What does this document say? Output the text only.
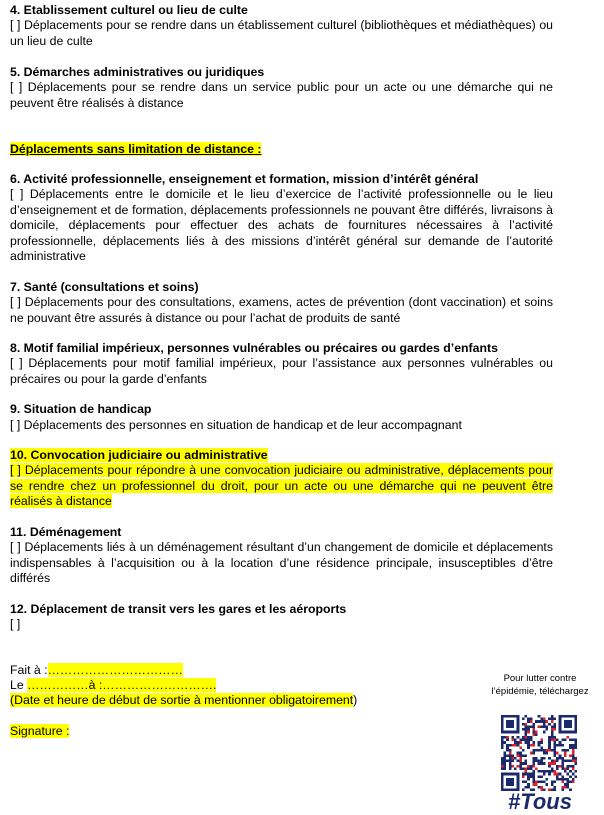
4. Etablissement culturel ou lieu de culte
[ ] Déplacements pour se rendre dans un établissement culturel (bibliothèques et médiathèques) ou un lieu de culte
5. Démarches administratives ou juridiques
[ ] Déplacements pour se rendre dans un service public pour un acte ou une démarche qui ne peuvent être réalisés à distance
Déplacements sans limitation de distance :
6. Activité professionnelle, enseignement et formation, mission d’intérêt général
[ ] Déplacements entre le domicile et le lieu d’exercice de l’activité professionnelle ou le lieu d’enseignement et de formation, déplacements professionnels ne pouvant être différés, livraisons à domicile, déplacements pour effectuer des achats de fournitures nécessaires à l’activité professionnelle, déplacements liés à des missions d’intérêt général sur demande de l’autorité administrative
7. Santé (consultations et soins)
[ ] Déplacements pour des consultations, examens, actes de prévention (dont vaccination) et soins ne pouvant être assurés à distance ou pour l’achat de produits de santé
8. Motif familial impérieux, personnes vulnérables ou précaires ou gardes d’enfants
[ ] Déplacements pour motif familial impérieux, pour l’assistance aux personnes vulnérables ou précaires ou pour la garde d’enfants
9. Situation de handicap
[ ] Déplacements des personnes en situation de handicap et de leur accompagnant
10. Convocation judiciaire ou administrative
[ ] Déplacements pour répondre à une convocation judiciaire ou administrative, déplacements pour se rendre chez un professionnel du droit, pour un acte ou une démarche qui ne peuvent être réalisés à distance
11. Déménagement
[ ] Déplacements liés à un déménagement résultant d’un changement de domicile et déplacements indispensables à l’acquisition ou à la location d’une résidence principale, insusceptibles d’être différés
12. Déplacement de transit vers les gares et les aéroports
[ ]
Fait à :……………………………
Le ……………à :……………………….
(Date et heure de début de sortie à mentionner obligatoirement)
Signature :
Pour lutter contre
l’épidémie, téléchargez
#Tous
